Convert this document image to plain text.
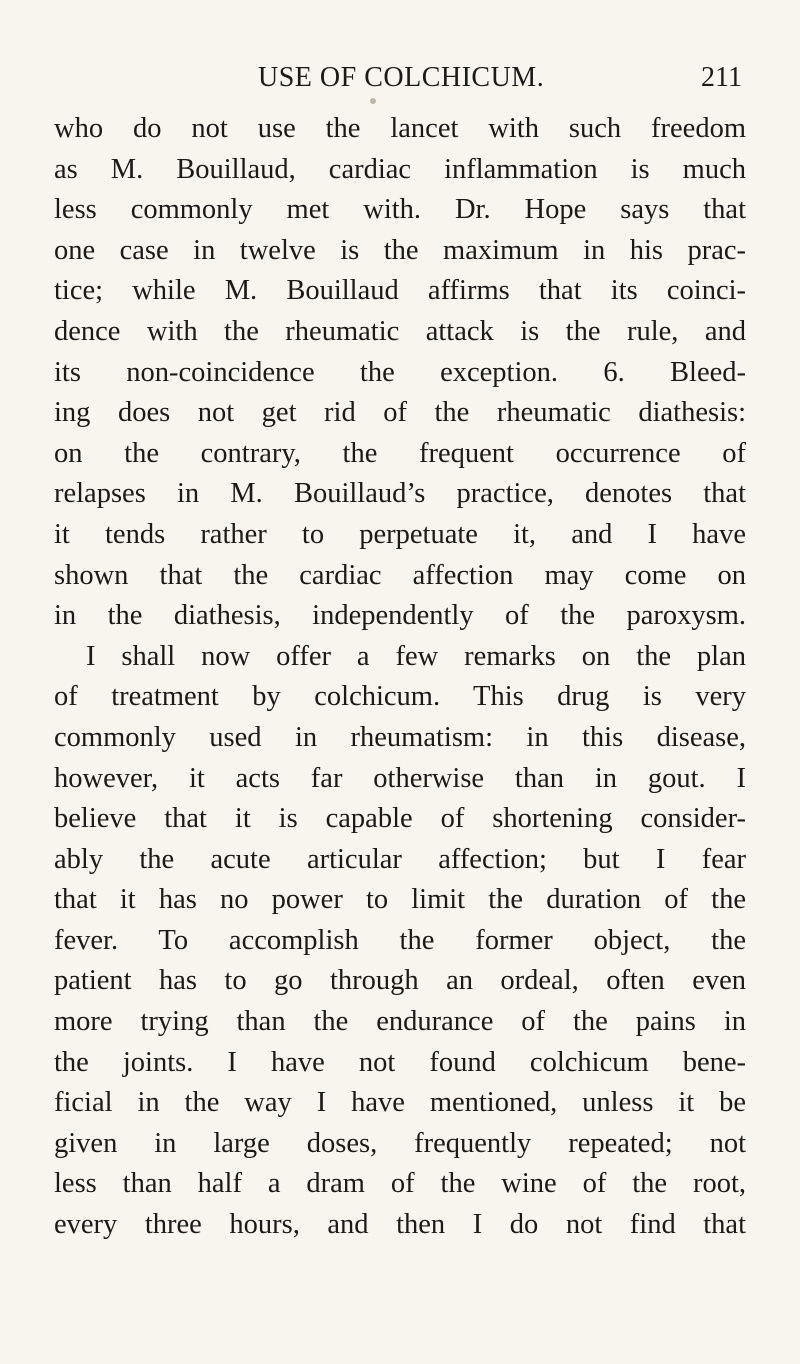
USE OF COLCHICUM.	211
who do not use the lancet with such freedom
as M. Bouillaud, cardiac inflammation is much
less commonly met with. Dr. Hope says that
one case in twelve is the maximum in his prac-
tice; while M. Bouillaud affirms that its coinci-
dence with the rheumatic attack is the rule, and
its non-coincidence the exception. 6. Bleed-
ing does not get rid of the rheumatic diathesis:
on the contrary, the frequent occurrence of
relapses in M. Bouillaud’s practice, denotes that
it tends rather to perpetuate it, and I have
shown that the cardiac affection may come on
in the diathesis, independently of the paroxysm.
I shall now offer a few remarks on the plan
of treatment by colchicum. This drug is very
commonly used in rheumatism: in this disease,
however, it acts far otherwise than in gout. I
believe that it is capable of shortening consider-
ably the acute articular affection; but I fear
that it has no power to limit the duration of the
fever. To accomplish the former object, the
patient has to go through an ordeal, often even
more trying than the endurance of the pains in
the joints. I have not found colchicum bene-
ficial in the way I have mentioned, unless it be
given in large doses, frequently repeated; not
less than half a dram of the wine of the root,
every three hours, and then I do not find that
